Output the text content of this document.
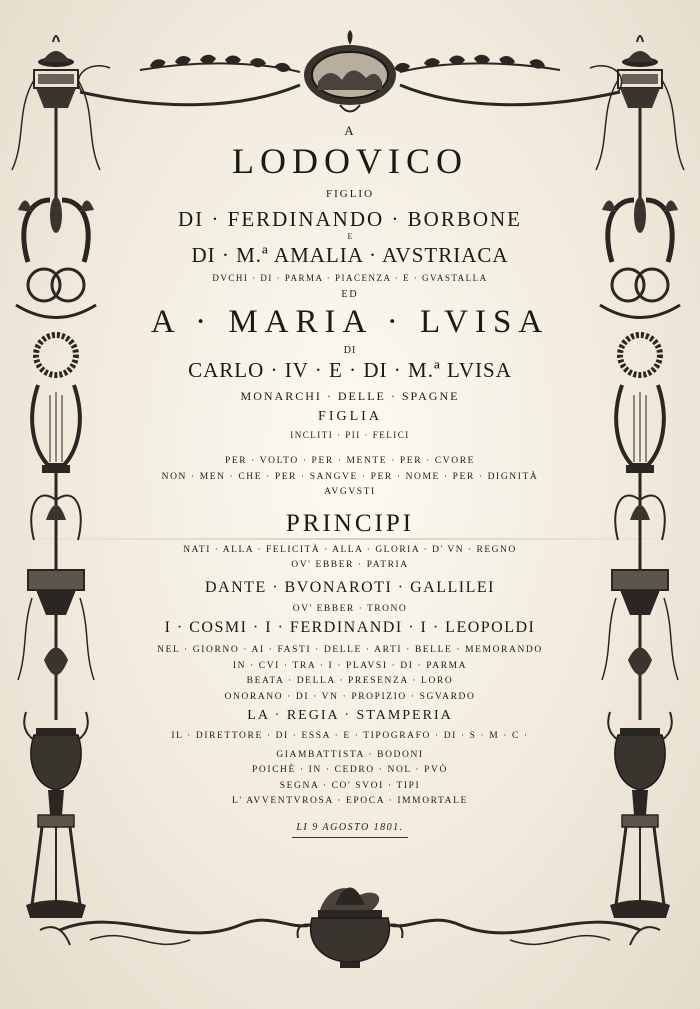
A
LODOVICO
FIGLIO
DI · FERDINANDO · BORBONE
E
DI · M.ª AMALIA · AVSTRIACA
DVCHI · DI · PARMA · PIACENZA · E · GVASTALLA
ED
A · MARIA · LVISA
DI
CARLO · IV · E · DI · M.ª LVISA
MONARCHI · DELLE · SPAGNE
FIGLIA
INCLITI · PII · FELICI
PER · VOLTO · PER · MENTE · PER · CVORE
NON · MEN · CHE · PER · SANGVE · PER · NOME · PER · DIGNITÀ
AVGVSTI
PRINCIPI
NATI · ALLA · FELICITÀ · ALLA · GLORIA · D' VN · REGNO
OV' EBBER · PATRIA
DANTE · BVONAROTI · GALLILEI
OV' EBBER · TRONO
I · COSMI · I · FERDINANDI · I · LEOPOLDI
NEL · GIORNO · AI · FASTI · DELLE · ARTI · BELLE · MEMORANDO
IN · CVI · TRA · I · PLAVSI · DI · PARMA
BEATA · DELLA · PRESENZA · LORO
ONORANO · DI · VN · PROPIZIO · SGVARDO
LA · REGIA · STAMPERIA
IL · DIRETTORE · DI · ESSA · E · TIPOGRAFO · DI · S · M · C ·
GIAMBATTISTA · BODONI
POICHÈ · IN · CEDRO · NOL · PVÒ
SEGNA · CO' SVOI · TIPI
L' AVVENTVROSA · EPOCA · IMMORTALE
LI 9 AGOSTO 1801.
